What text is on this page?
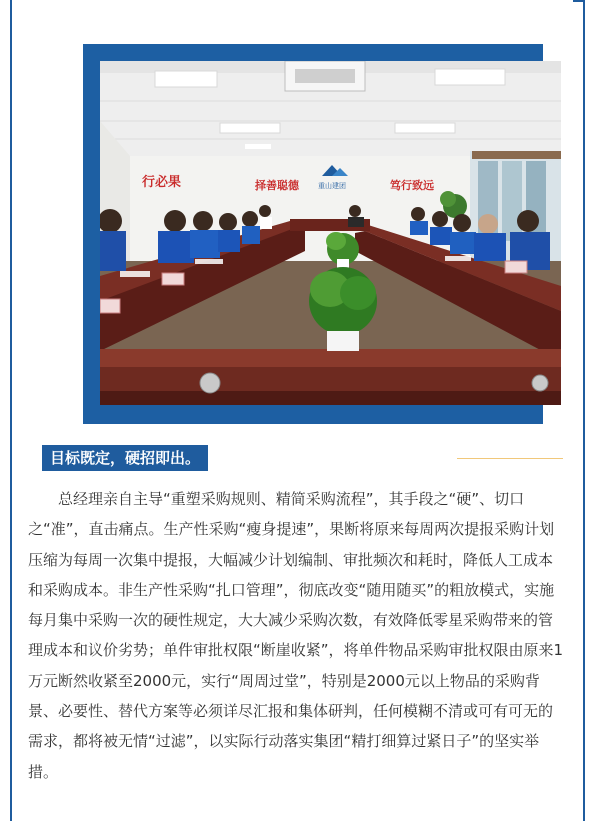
行必果	择善聪德	笃行致远
重山建团
目标既定，硬招即出。

总经理亲自主导“重塑采购规则、精简采购流程”，其手段之“硬”、切口之“准”，直击痛点。生产性采购“瘦身提速”，果断将原来每周两次提报采购计划压缩为每周一次集中提报，大幅减少计划编制、审批频次和耗时，降低人工成本和采购成本。非生产性采购“扎口管理”，彻底改变“随用随买”的粗放模式，实施每月集中采购一次的硬性规定，大大减少采购次数，有效降低零星采购带来的管理成本和议价劣势；单件审批权限“断崖收紧”，将单件物品采购审批权限由原来1万元断然收紧至2000元，实行“周周过堂”，特别是2000元以上物品的采购背景、必要性、替代方案等必须详尽汇报和集体研判，任何模糊不清或可有可无的需求，都将被无情“过滤”，以实际行动落实集团“精打细算过紧日子”的坚实举措。
